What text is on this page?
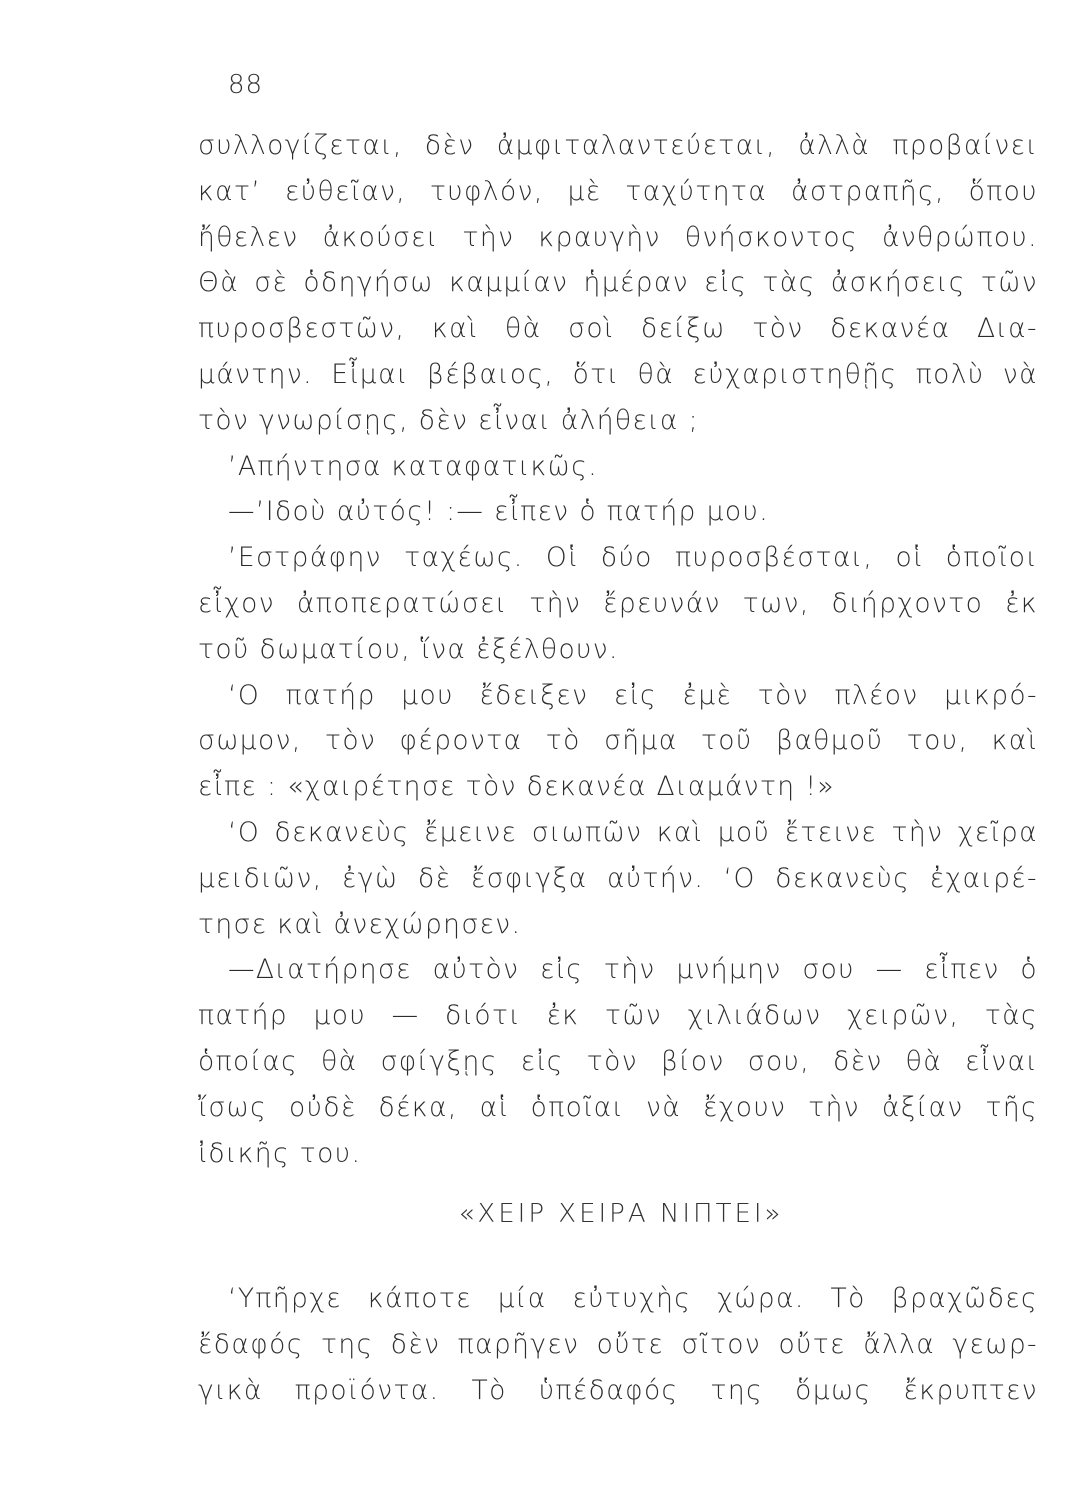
88
συλλογίζεται, δὲν ἀμφιταλαντεύεται, ἀλλὰ προβαίνει
κατ’ εὐθεῖαν, τυφλόν, μὲ ταχύτητα ἀστραπῆς, ὅπου
ἤθελεν ἀκούσει τὴν κραυγὴν θνήσκοντος ἀνθρώπου.
Θὰ σὲ ὁδηγήσω καμμίαν ἡμέραν εἰς τὰς ἀσκήσεις τῶν
πυροσβεστῶν, καὶ θὰ σοὶ δείξω τὸν δεκανέα Δια-
μάντην. Εἶμαι βέβαιος, ὅτι θὰ εὐχαριστηθῇς πολὺ νὰ
τὸν γνωρίσῃς, δὲν εἶναι ἀλήθεια ;
’Απήντησα καταφατικῶς.
—’Ιδοὺ αὐτός! :— εἶπεν ὁ πατήρ μου.
’Εστράφην ταχέως. Οἱ δύο πυροσβέσται, οἱ ὁποῖοι
εἶχον ἀποπερατώσει τὴν ἔρευνάν των, διήρχοντο ἐκ
τοῦ δωματίου, ἵνα ἐξέλθουν.
‘Ο πατήρ μου ἔδειξεν εἰς ἐμὲ τὸν πλέον μικρό-
σωμον, τὸν φέροντα τὸ σῆμα τοῦ βαθμοῦ του, καὶ
εἶπε : «χαιρέτησε τὸν δεκανέα Διαμάντη !»
‘Ο δεκανεὺς ἔμεινε σιωπῶν καὶ μοῦ ἔτεινε τὴν χεῖρα
μειδιῶν, ἐγὼ δὲ ἔσφιγξα αὐτήν. ‘Ο δεκανεὺς ἐχαιρέ-
τησε καὶ ἀνεχώρησεν.
—Διατήρησε αὐτὸν εἰς τὴν μνήμην σου — εἶπεν ὁ
πατήρ μου — διότι ἐκ τῶν χιλιάδων χειρῶν, τὰς
ὁποίας θὰ σφίγξῃς εἰς τὸν βίον σου, δὲν θὰ εἶναι
ἴσως οὐδὲ δέκα, αἱ ὁποῖαι νὰ ἔχουν τὴν ἀξίαν τῆς
ἰδικῆς του.
«ΧΕΙΡ ΧΕΙΡΑ ΝΙΠΤΕΙ»
‘Υπῆρχε κάποτε μία εὐτυχὴς χώρα. Τὸ βραχῶδες
ἔδαφός της δὲν παρῆγεν οὔτε σῖτον οὔτε ἄλλα γεωρ-
γικὰ προϊόντα. Τὸ ὑπέδαφός της ὅμως ἔκρυπτεν
